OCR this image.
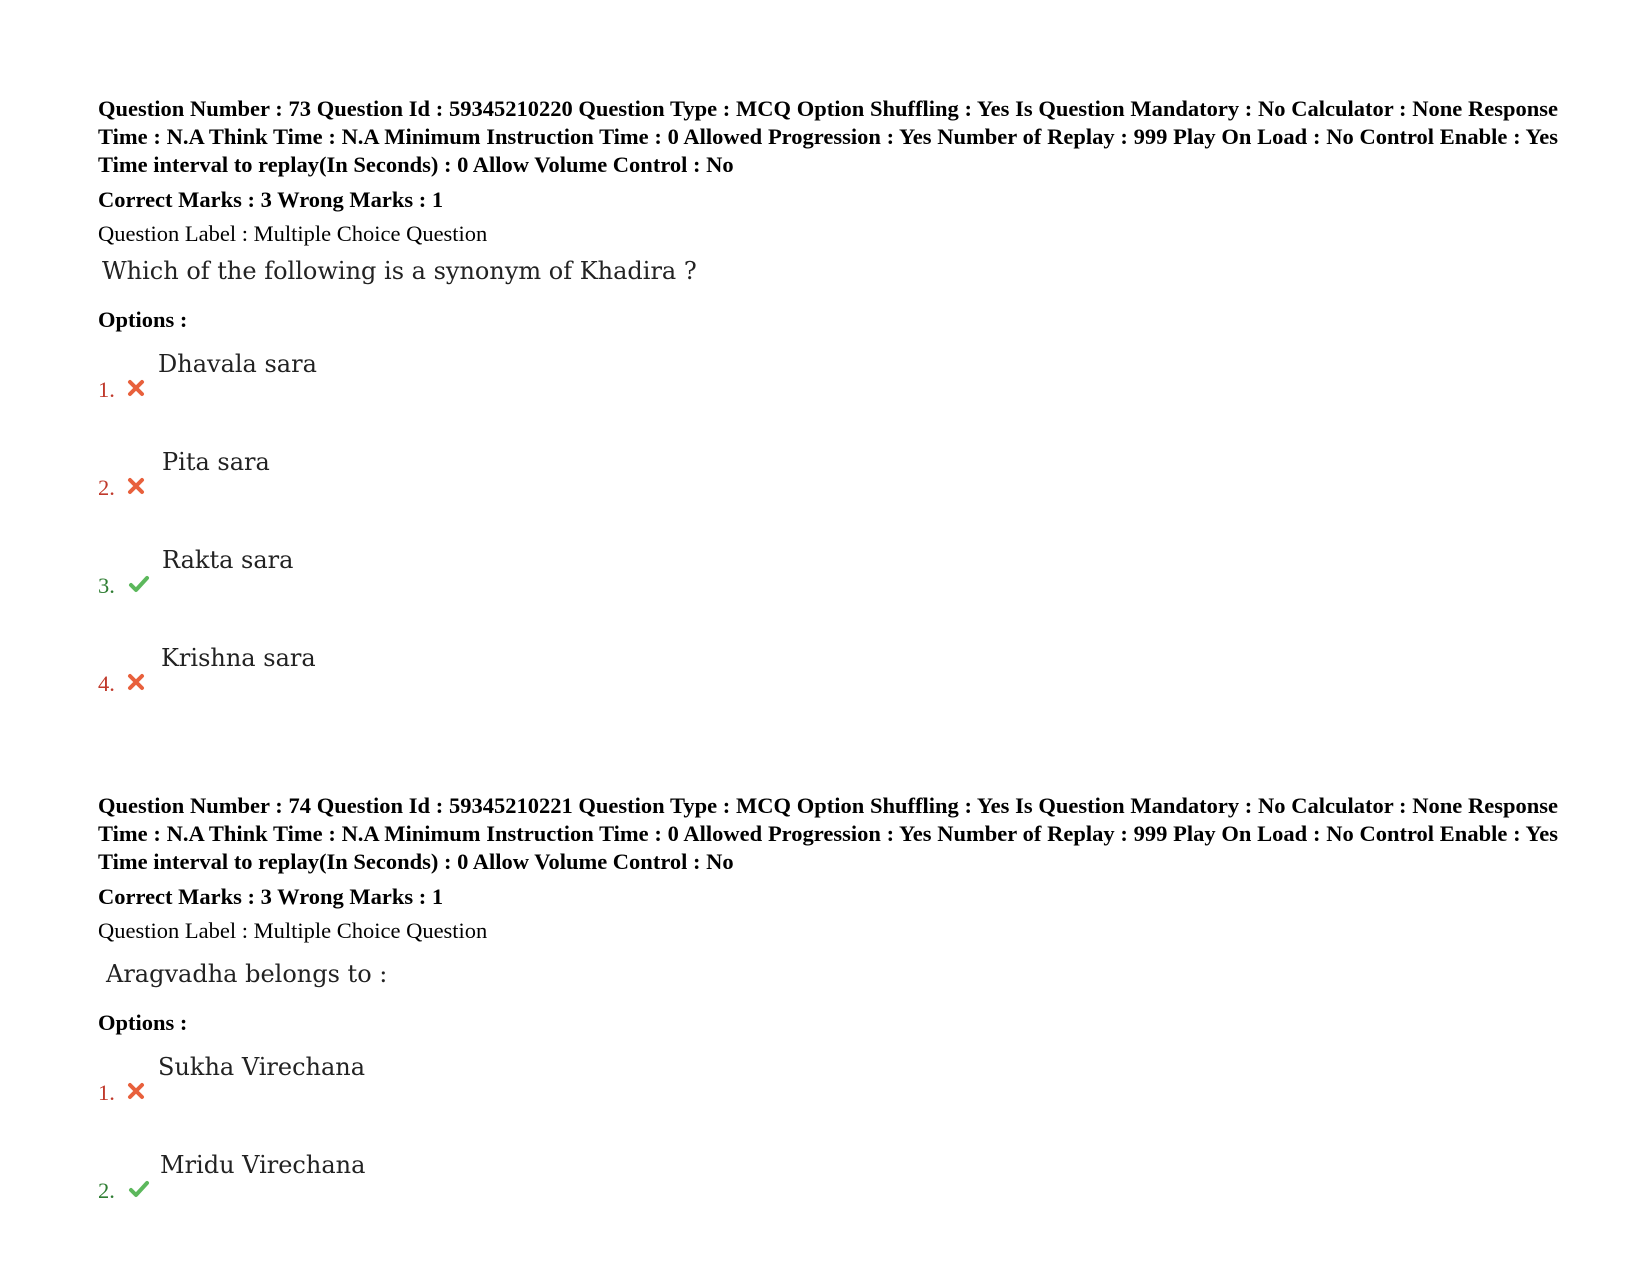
Question Number : 73 Question Id : 59345210220 Question Type : MCQ Option Shuffling : Yes Is Question Mandatory : No Calculator : None Response Time : N.A Think Time : N.A Minimum Instruction Time : 0 Allowed Progression : Yes Number of Replay : 999 Play On Load : No Control Enable : Yes Time interval to replay(In Seconds) : 0 Allow Volume Control : No

Correct Marks : 3 Wrong Marks : 1

Question Label : Multiple Choice Question

Which of the following is a synonym of Khadira ?

Options :

1.
Dhavala sara
2.
Pita sara
3.
Rakta sara
4.
Krishna sara

Question Number : 74 Question Id : 59345210221 Question Type : MCQ Option Shuffling : Yes Is Question Mandatory : No Calculator : None Response Time : N.A Think Time : N.A Minimum Instruction Time : 0 Allowed Progression : Yes Number of Replay : 999 Play On Load : No Control Enable : Yes Time interval to replay(In Seconds) : 0 Allow Volume Control : No

Correct Marks : 3 Wrong Marks : 1

Question Label : Multiple Choice Question

Aragvadha belongs to :

Options :

1.
Sukha Virechana
2.
Mridu Virechana
